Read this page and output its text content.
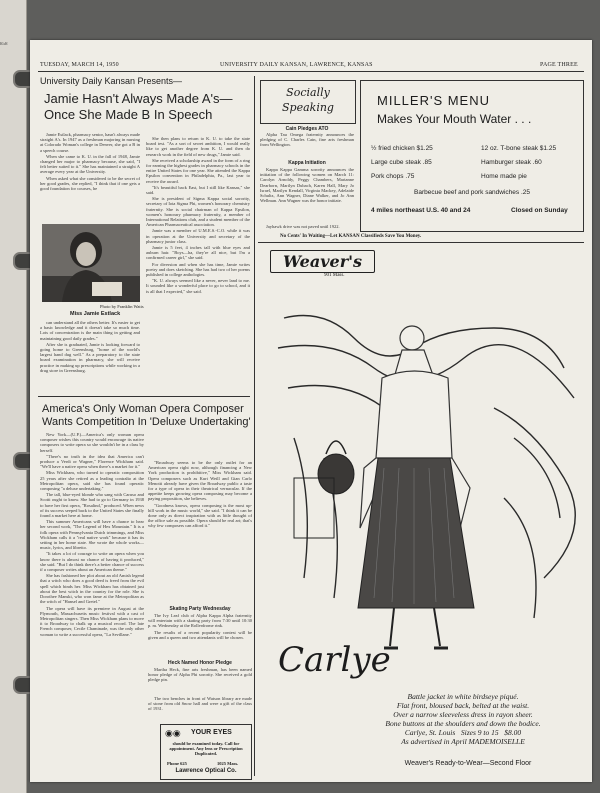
858
TUESDAY, MARCH 14, 1950	UNIVERSITY DAILY KANSAN, LAWRENCE, KANSAS	PAGE THREE
University Daily Kansan Presents—
Jamie Hasn't Always Made A's—
Once She Made B In Speech

Jamie Estlack, pharmacy senior, hasn't always made straight A's. In 1947 as a freshman majoring in nursing at Colorado Woman's college in Denver, she got a B in a speech course.

When she came to K. U. in the fall of 1948, Jamie changed her major to pharmacy because, she said, "I felt better suited to it." She has maintained a straight A average every year at the University.

When asked what she considered to be the secret of her good grades, she replied, "I think that if one gets a good foundation for courses, he

Photo by Franklin Watts
Miss Jamie Estlack

can understand all the others better. It's easier to get a basic knowledge and it doesn't take so much time. Lots of concentration is the main thing in getting and maintaining good daily grades."

After she is graduated, Jamie is looking forward to going home to Greensburg, "home of the world's largest hand dug well." As a preparatory to the state board examination in pharmacy, she will receive practice in making up prescriptions while working in a drug store in Greensburg.

She then plans to return to K. U. to take the state board test. "As a sort of secret ambition, I would really like to get another degree from K. U. and then do research work in the field of new drugs," Jamie said.

She received a scholarship award in the form of a ring for earning the highest grades in pharmacy schools in the entire United States for one year. She attended the Kappa Epsilon convention in Philadelphia, Pa., last year to receive the award.

"It's beautiful back East, but I still like Kansas," she said.

She is president of Sigma Kappa social sorority, secretary of Iota Sigma Phi, women's honorary chemistry fraternity. She is social chairman of Kappa Epsilon, women's honorary pharmacy fraternity, a member of International Relations club, and a student member of the American Pharmaceutical association.

Jamie was a member of U.M.E.S.-C.O. while it was in operation at the University and secretary of the pharmacy junior class.

Jamie is 5 feet, 4 inches tall with blue eyes and auburn hair. "Boys—ha, they're all nice, but I'm a confirmed career girl," she said.

For diversion and when she has time, Jamie writes poetry and does sketching. She has had two of her poems published in college anthologies.

"K. U. always seemed like a never, never land to me. It sounded like a wonderful place to go to school, and it is all that I expected," she said.

America's Only Woman Opera Composer
Wants Competition In 'Deluxe Undertaking'

New York—(U.P.)—America's only woman opera composer wishes this country would encourage its native composers to write opera so she wouldn't be in a class by herself.

"There's no truth in the idea that America can't produce a Verdi or Wagner," Florence Wickham said. "We'll have a native opera when there's a market for it."

Miss Wickham, who turned to operatic composition 25 years after she retired as a leading contralto at the Metropolitan opera, said she has found operatic composing "a deluxe undertaking."

The tall, blue-eyed blonde who sang with Caruso and Scotti ought to know. She had to go to Germany in 1938 to have her first opera, "Rosalind," produced. When news of its success seeped back to the United States she finally found a market here at home.

This summer Americans will have a chance to hear her second work, "The Legend of Hex Mountain." It is a folk opera with Pennsylvania Dutch trimmings, and Miss Wickham calls it a "real native work" because it has its setting in her home state. She wrote the whole works—music, lyrics, and libretto.

"It takes a lot of courage to write an opera when you know there is almost no chance of having it produced," she said. "But I do think there's a better chance of success if a composer writes about an American theme."

She has fashioned her plot about an old Amish legend that a witch who does a good deed is freed from the evil spell which binds her. Miss Wickham has obtained just about the best witch in the country for the role. She is Dorothee Manski, who won fame at the Metropolitan as the witch of "Hansel and Gretel."

The opera will have its premiere in August at the Plymouth, Massachusetts music festival with a cast of Metropolitan singers. Then Miss Wickham plans to move it to Broadway to chalk up a musical record. The late French composer, Cecile Chaminade, was the only other woman to write a successful opera, "La Sevillane."

"Broadway seems to be the only outlet for an American opera right now, although financing a New York production is prohibitive," Miss Wickham said. Opera composers such as Kurt Weill and Gian Carlo Menotti already have given the Broadway public a taste for a type of opera in their theatrical vernacular. If the appetite keeps growing opera composing may become a paying proposition, she believes.

"Goodness knows, opera composing is the most up-hill work in the music world," she said. "I think it can be done only as direct inspiration with as little thought of the office sale as possible. Opera should be real art; that's why few composers can afford it."

Skating Party Wednesday

The Ivy Leaf club of Alpha Kappa Alpha fraternity will entertain with a skating party from 7:30 until 10:30 p. m. Wednesday at the Rollerdrome rink.

The results of a recent popularity contest will be given and a queen and two attendants will be chosen.

Heck Named Honor Pledge

Martha Heck, fine arts freshman, has been named honor pledge of Alpha Phi sorority. She received a gold pledge pin.

The two benches in front of Watson library are made of stone from old Snow hall and were a gift of the class of 1931.

◉◉ YOUR EYES
should be examined today. Call for appointment. Any lens or Prescription Duplicated.
Phone 625	1025 Mass.
Lawrence Optical Co.
Socially
Speaking
Cain Pledges ATO

Alpha Tau Omega fraternity announces the pledging of C. Charles Cain, fine arts freshman from Wellington.

Kappa Initiation

Kappa Kappa Gamma sorority announces the initiation of the following women on March 11: Carolyn Arnoldy, Peggy Chambers, Marianne Dearborn, Marilyn Dubach, Karen Hall, Mary Jo Israel, Marilyn Kendall, Virginia Mackey, Adelaide Schultz, Ann Wagner, Diane Walker, and Jo Ann Wellman. Ann Wagner was the honor initiate.

Jayhawk drive was not paved until 1922.

MILLER'S MENU
Makes Your Mouth Water . . .
½ fried chicken $1.25	12 oz. T-bone steak $1.25
Large cube steak .85	Hamburger steak .60
Pork chops .75	Home made pie
Barbecue beef and pork sandwiches .25
4 miles northeast U.S. 40 and 24	Closed on Sunday
No Cents' In Waiting—Let KANSAN Classifieds Save You Money.
Weaver's
901 Mass.
Carlye
Battle jacket in white birdseye piqué.
Flat front, bloused back, belted at the waist.
Over a narrow sleeveless dress in rayon sheer.
Bone buttons at the shoulders and down the bodice.
Carlye, St. Louis Sizes 9 to 15 $8.00
As advertised in April MADEMOISELLE
Weaver's Ready-to-Wear—Second Floor
